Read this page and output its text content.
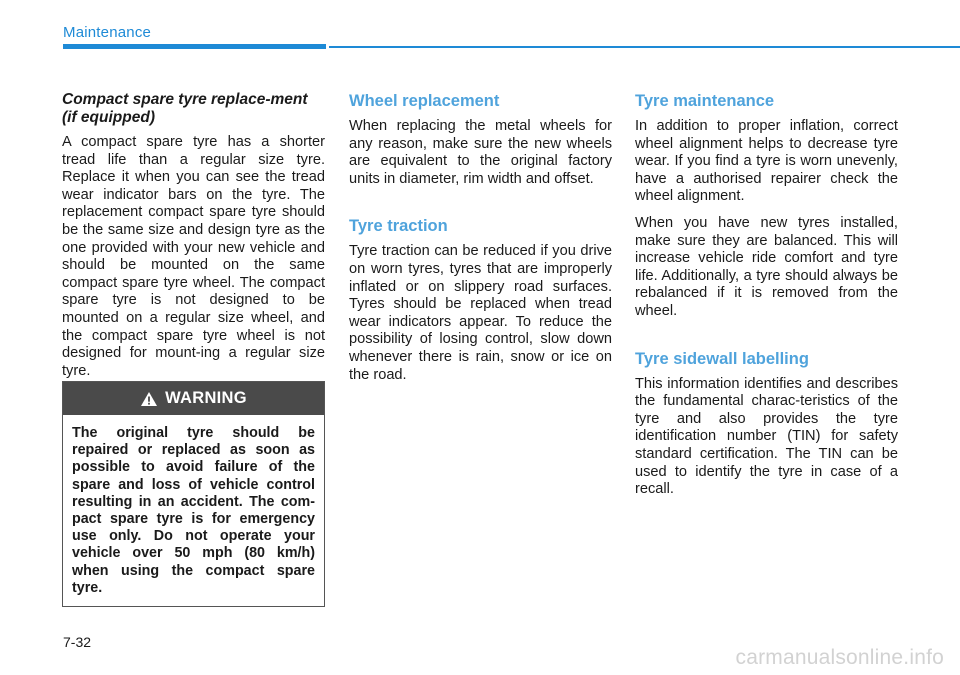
Maintenance
Compact spare tyre replace-ment (if equipped)

A compact spare tyre has a shorter tread life than a regular size tyre. Replace it when you can see the tread wear indicator bars on the tyre. The replacement compact spare tyre should be the same size and design tyre as the one provided with your new vehicle and should be mounted on the same compact spare tyre wheel. The compact spare tyre is not designed to be mounted on a regular size wheel, and the compact spare tyre wheel is not designed for mount-ing a regular size tyre.

WARNING
The original tyre should be repaired or replaced as soon as possible to avoid failure of the spare and loss of vehicle control resulting in an accident. The com-pact spare tyre is for emergency use only. Do not operate your vehicle over 50 mph (80 km/h) when using the compact spare tyre.
Wheel replacement

When replacing the metal wheels for any reason, make sure the new wheels are equivalent to the original factory units in diameter, rim width and offset.

Tyre traction

Tyre traction can be reduced if you drive on worn tyres, tyres that are improperly inflated or on slippery road surfaces. Tyres should be replaced when tread wear indicators appear. To reduce the possibility of losing control, slow down whenever there is rain, snow or ice on the road.

Tyre maintenance

In addition to proper inflation, correct wheel alignment helps to decrease tyre wear. If you find a tyre is worn unevenly, have a authorised repairer check the wheel alignment.

When you have new tyres installed, make sure they are balanced. This will increase vehicle ride comfort and tyre life. Additionally, a tyre should always be rebalanced if it is removed from the wheel.

Tyre sidewall labelling

This information identifies and describes the fundamental charac-teristics of the tyre and also provides the tyre identification number (TIN) for safety standard certification. The TIN can be used to identify the tyre in case of a recall.

7-32
carmanualsonline.info
